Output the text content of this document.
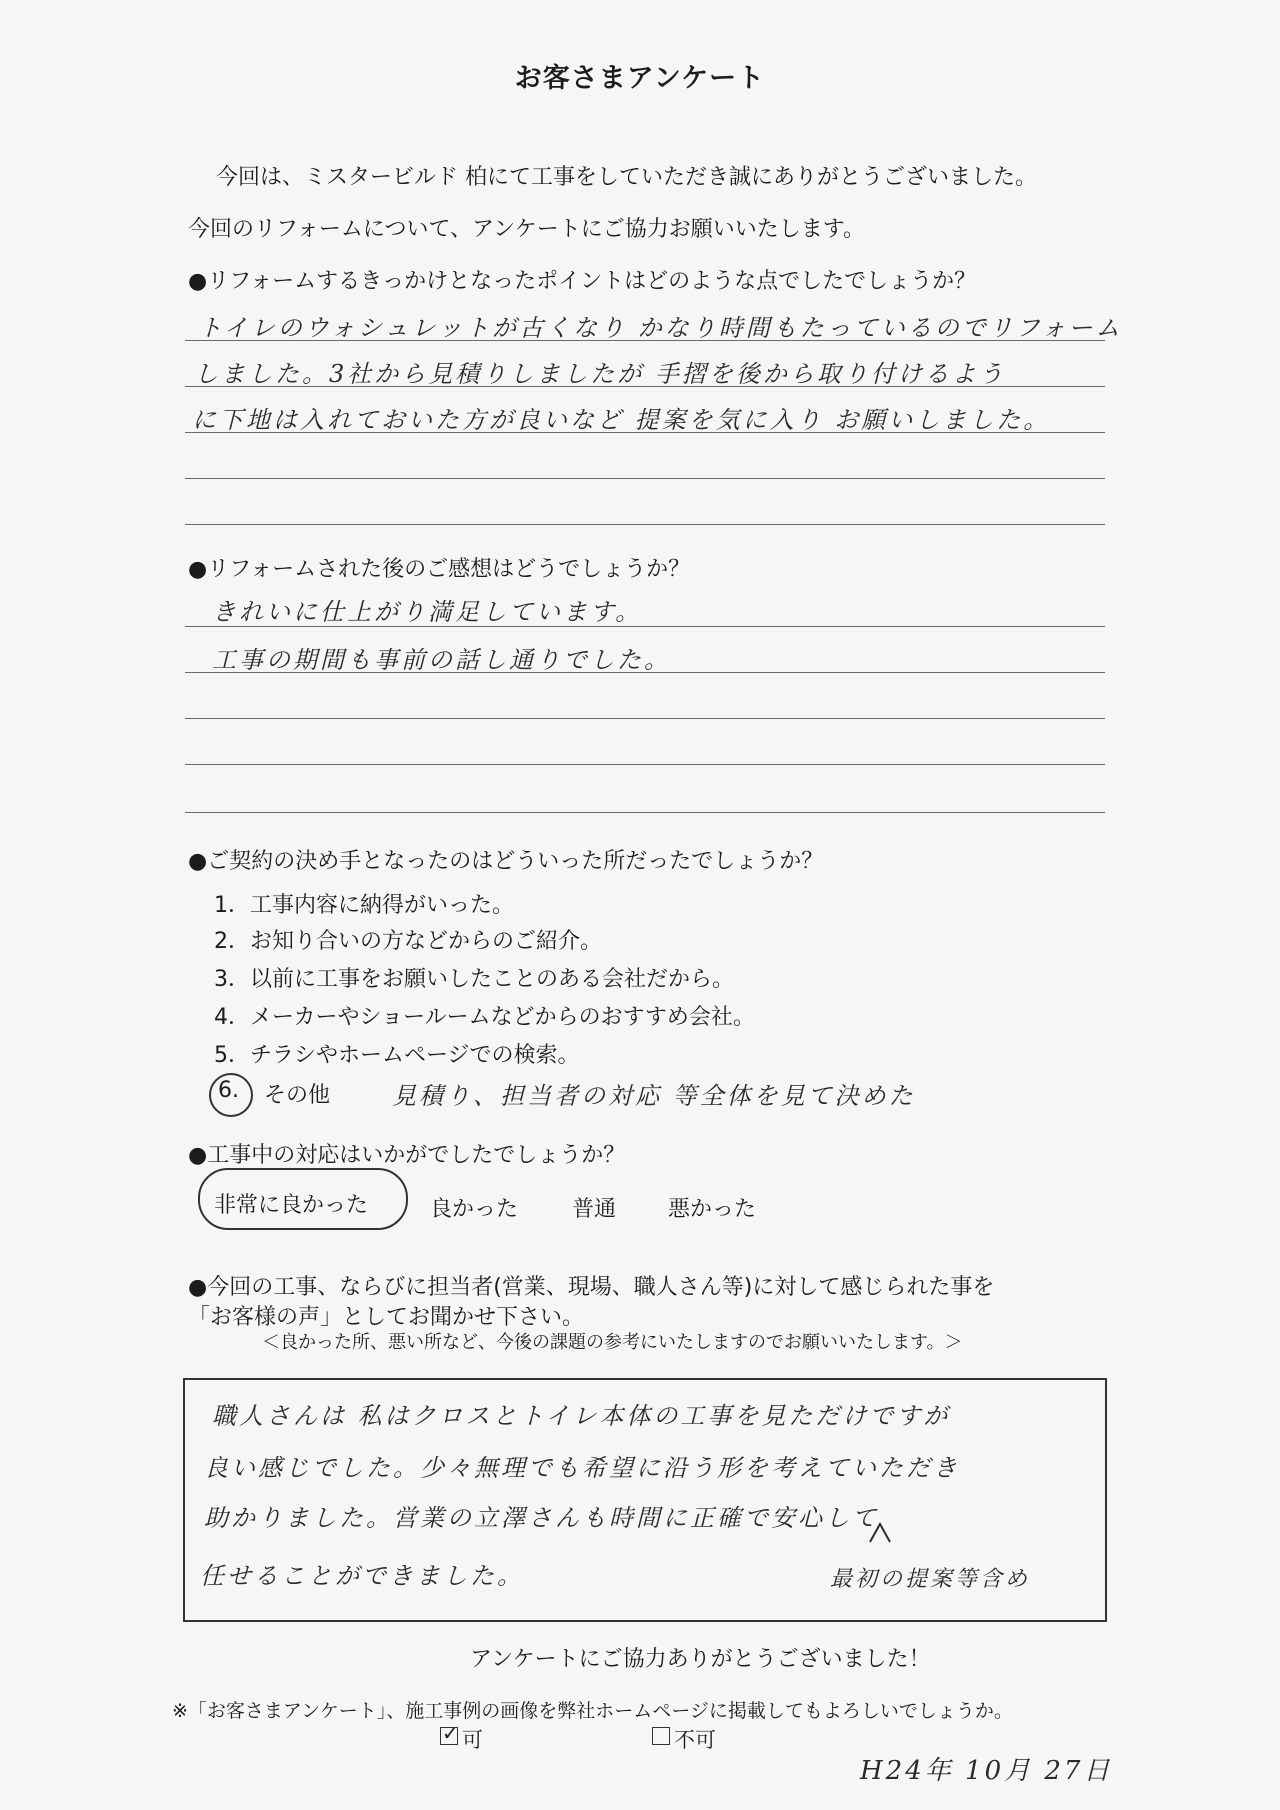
お客さまアンケート
今回は、ミスタービルド 柏にて工事をしていただき誠にありがとうございました。
今回のリフォームについて、アンケートにご協力お願いいたします。
●リフォームするきっかけとなったポイントはどのような点でしたでしょうか？
トイレのウォシュレットが古くなり かなり時間もたっているのでリフォーム
しました。3社から見積りしましたが 手摺を後から取り付けるよう
に下地は入れておいた方が良いなど 提案を気に入り お願いしました。
●リフォームされた後のご感想はどうでしょうか？
きれいに仕上がり満足しています。
工事の期間も事前の話し通りでした。
●ご契約の決め手となったのはどういった所だったでしょうか？
1．工事内容に納得がいった。
2．お知り合いの方などからのご紹介。
3．以前に工事をお願いしたことのある会社だから。
4．メーカーやショールームなどからのおすすめ会社。
5．チラシやホームページでの検索。
6. その他	見積り、担当者の対応 等全体を見て決めた
●工事中の対応はいかがでしたでしょうか？
非常に良かった	良かった 普通 悪かった
●今回の工事、ならびに担当者(営業、現場、職人さん等)に対して感じられた事を
「お客様の声」としてお聞かせ下さい。
＜良かった所、悪い所など、今後の課題の参考にいたしますのでお願いいたします。＞
職人さんは 私はクロスとトイレ本体の工事を見ただけですが
良い感じでした。少々無理でも希望に沿う形を考えていただき
助かりました。営業の立澤さんも時間に正確で安心して
任せることができました。	最初の提案等含め
アンケートにご協力ありがとうございました！
※「お客さまアンケート」、施工事例の画像を弊社ホームページに掲載してもよろしいでしょうか。
✓ 可	不可
H24年 10月 27日
